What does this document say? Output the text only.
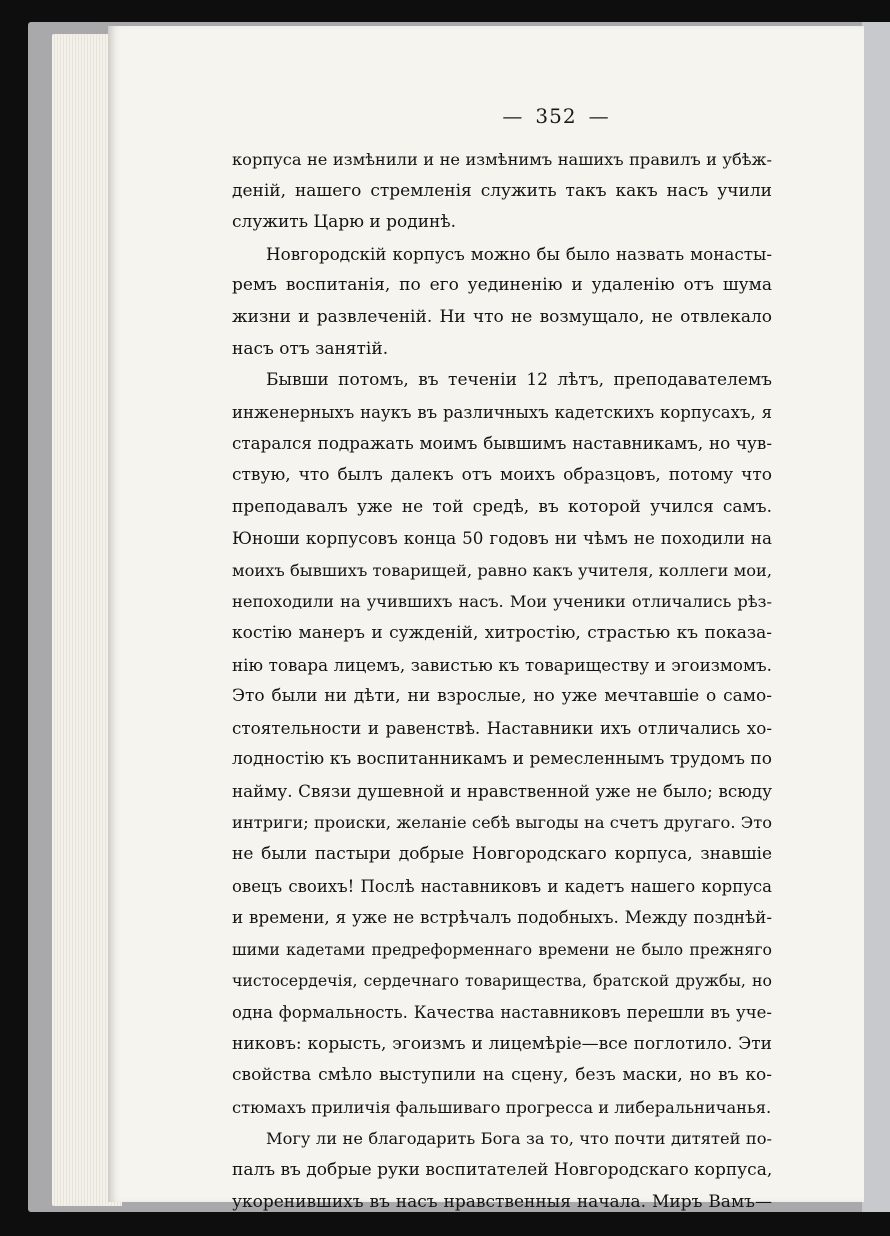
— 352 —
корпуса не измѣнили и не измѣнимъ нашихъ правилъ и убѣж-
деній, нашего стремленія служить такъ какъ насъ учили
служить Царю и родинѣ.
Новгородскій корпусъ можно бы было назвать монасты-
ремъ воспитанія, по его уединенію и удаленію отъ шума
жизни и развлеченій. Ни что не возмущало, не отвлекало
насъ отъ занятій.
Бывши потомъ, въ теченіи 12 лѣтъ, преподавателемъ
инженерныхъ наукъ въ различныхъ кадетскихъ корпусахъ, я
старался подражать моимъ бывшимъ наставникамъ, но чув-
ствую, что былъ далекъ отъ моихъ образцовъ, потому что
преподавалъ уже не той средѣ, въ которой учился самъ.
Юноши корпусовъ конца 50 годовъ ни чѣмъ не походили на
моихъ бывшихъ товарищей, равно какъ учителя, коллеги мои,
непоходили на учившихъ насъ. Мои ученики отличались рѣз-
костію манеръ и сужденій, хитростію, страстью къ показа-
нію товара лицемъ, завистью къ товариществу и эгоизмомъ.
Это были ни дѣти, ни взрослые, но уже мечтавшіе о само-
стоятельности и равенствѣ. Наставники ихъ отличались хо-
лодностію къ воспитанникамъ и ремесленнымъ трудомъ по
найму. Связи душевной и нравственной уже не было; всюду
интриги; происки, желаніе себѣ выгоды на счетъ другаго. Это
не были пастыри добрые Новгородскаго корпуса, знавшіе
овецъ своихъ! Послѣ наставниковъ и кадетъ нашего корпуса
и времени, я уже не встрѣчалъ подобныхъ. Между позднѣй-
шими кадетами предреформеннаго времени не было прежняго
чистосердечія, сердечнаго товарищества, братской дружбы, но
одна формальность. Качества наставниковъ перешли въ уче-
никовъ: корысть, эгоизмъ и лицемѣріе—все поглотило. Эти
свойства смѣло выступили на сцену, безъ маски, но въ ко-
стюмахъ приличія фальшиваго прогресса и либеральничанья.
Могу ли не благодарить Бога за то, что почти дитятей по-
палъ въ добрые руки воспитателей Новгородскаго корпуса,
укоренившихъ въ насъ нравственныя начала. Миръ Вамъ—
